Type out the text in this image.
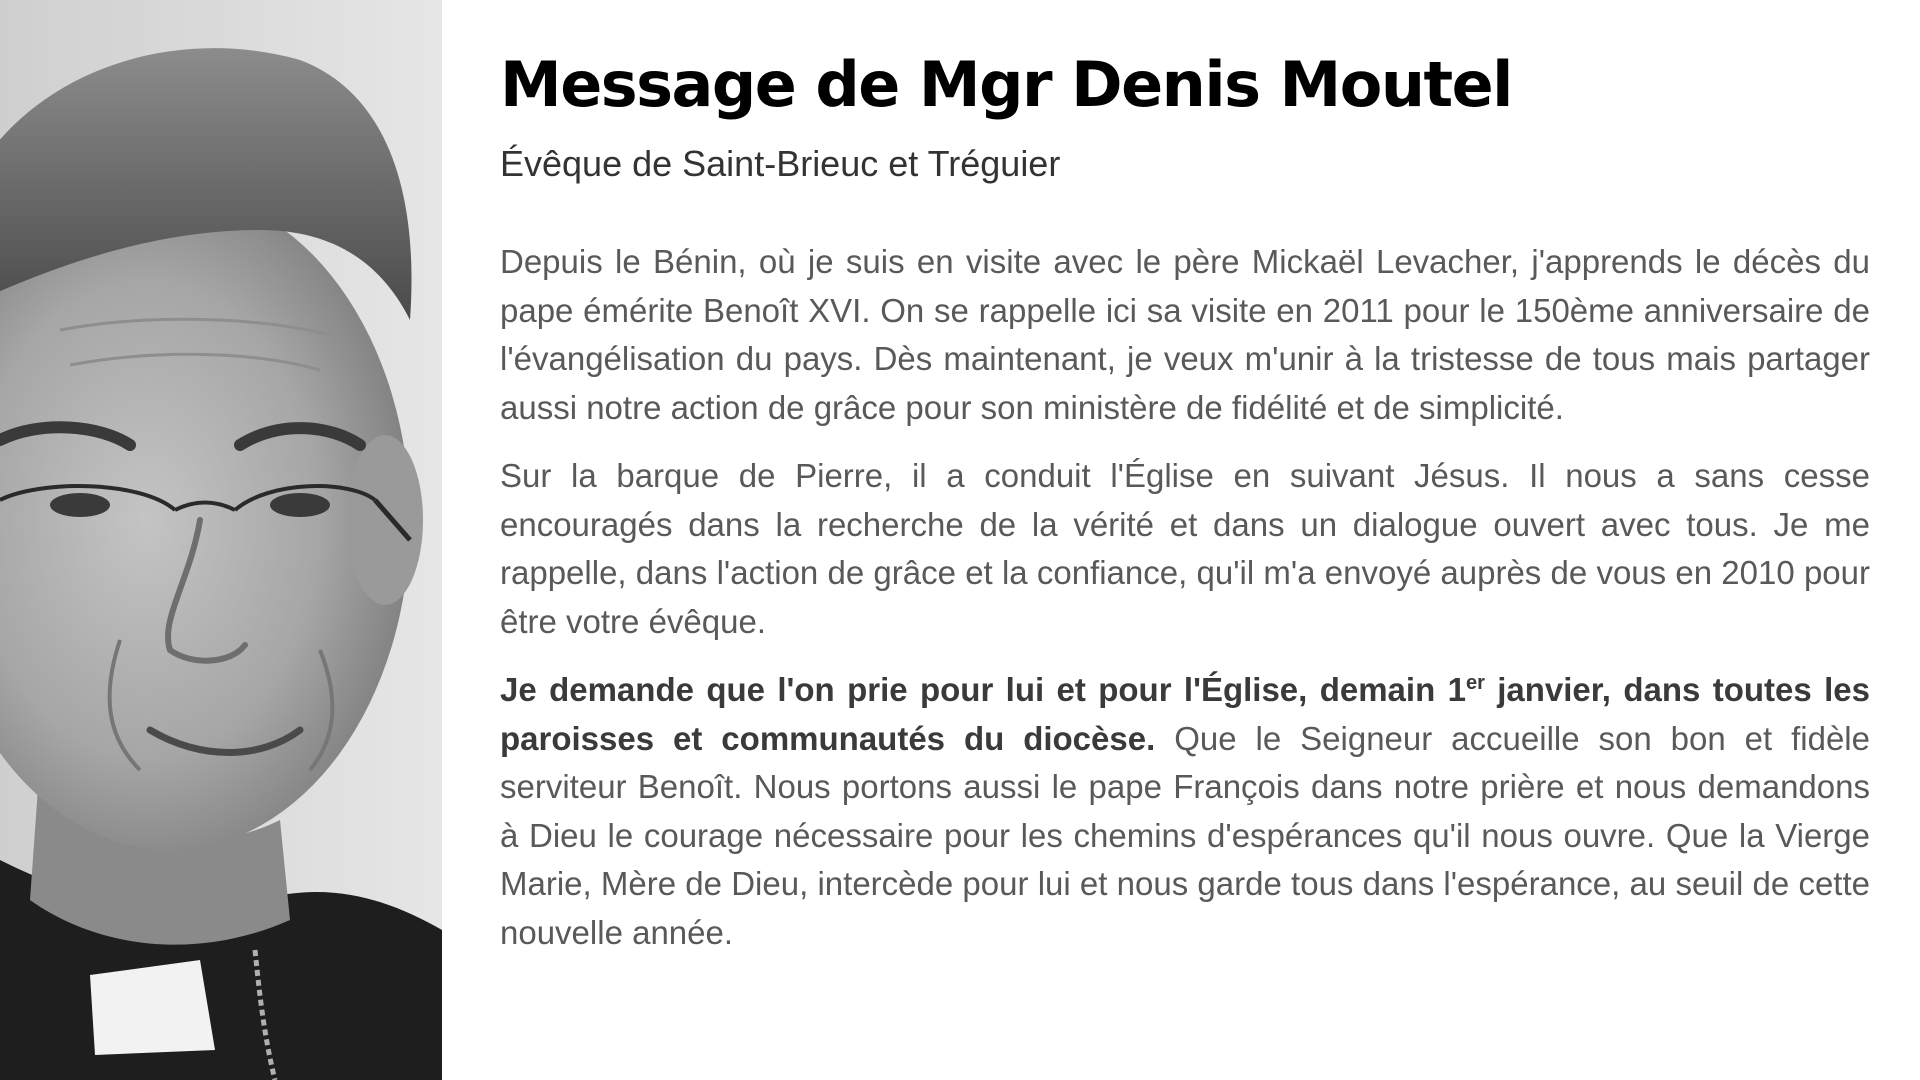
Message de Mgr Denis Moutel

Évêque de Saint-Brieuc et Tréguier

Depuis le Bénin, où je suis en visite avec le père Mickaël Levacher, j'apprends le décès du pape émérite Benoît XVI. On se rappelle ici sa visite en 2011 pour le 150ème anniversaire de l'évangélisation du pays. Dès maintenant, je veux m'unir à la tristesse de tous mais partager aussi notre action de grâce pour son ministère de fidélité et de simplicité.

Sur la barque de Pierre, il a conduit l'Église en suivant Jésus. Il nous a sans cesse encouragés dans la recherche de la vérité et dans un dialogue ouvert avec tous. Je me rappelle, dans l'action de grâce et la confiance, qu'il m'a envoyé auprès de vous en 2010 pour être votre évêque.

Je demande que l'on prie pour lui et pour l'Église, demain 1er janvier, dans toutes les paroisses et communautés du diocèse. Que le Seigneur accueille son bon et fidèle serviteur Benoît. Nous portons aussi le pape François dans notre prière et nous demandons à Dieu le courage nécessaire pour les chemins d'espérances qu'il nous ouvre. Que la Vierge Marie, Mère de Dieu, intercède pour lui et nous garde tous dans l'espérance, au seuil de cette nouvelle année.
